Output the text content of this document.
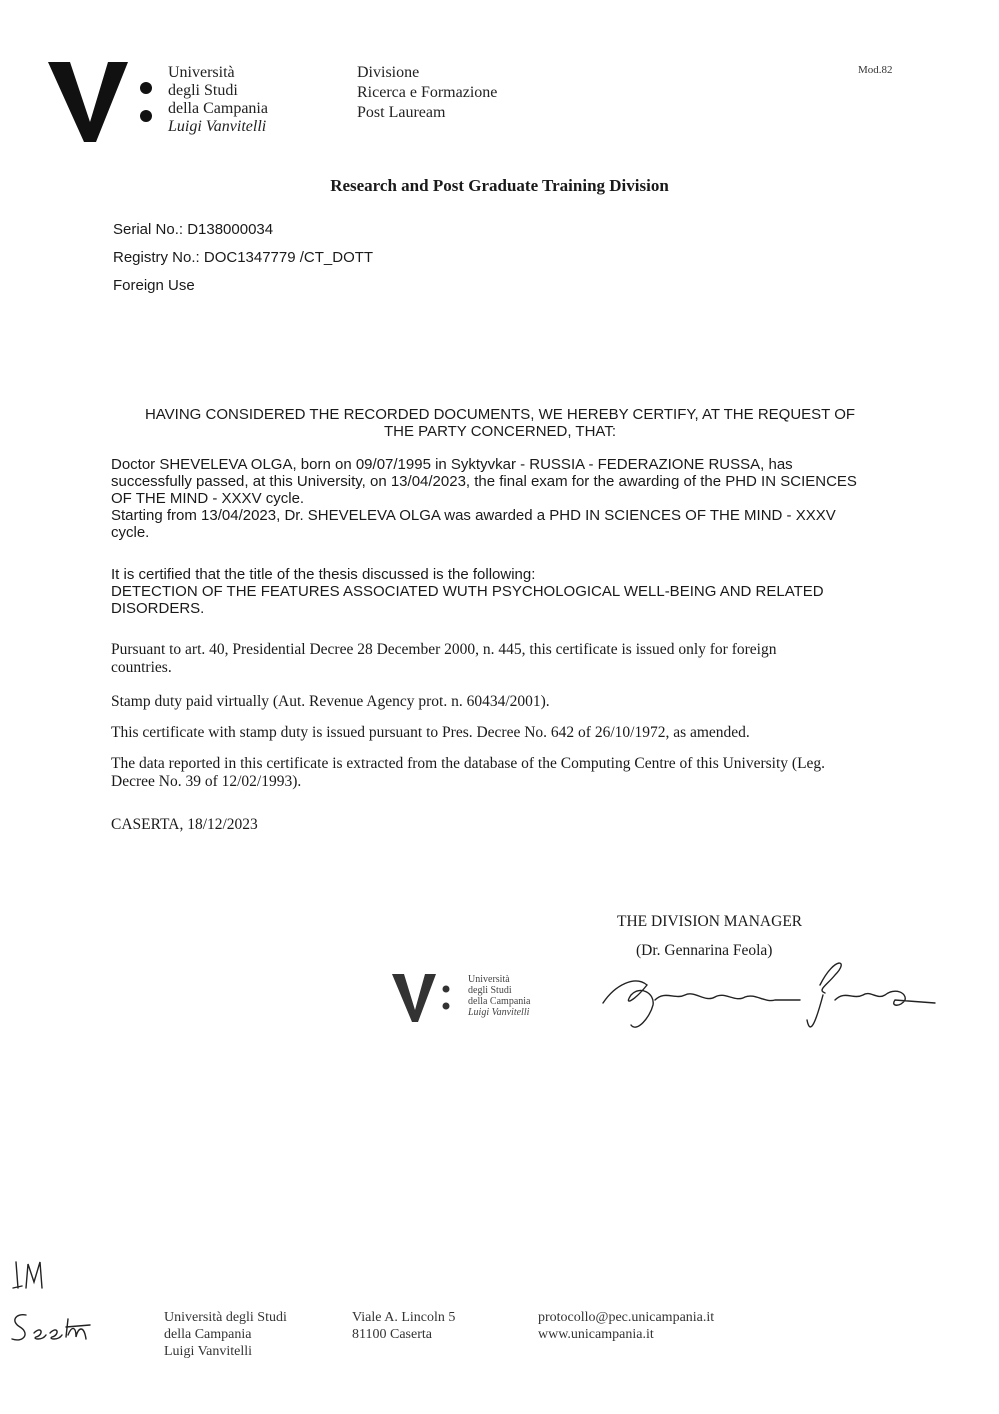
Università
degli Studi
della Campania
Luigi Vanvitelli
Divisione
Ricerca e Formazione
Post Lauream
Mod.82
Research and Post Graduate Training Division
Serial No.: D138000034
Registry No.: DOC1347779 /CT_DOTT
Foreign Use
HAVING CONSIDERED THE RECORDED DOCUMENTS, WE HEREBY CERTIFY, AT THE REQUEST OF
THE PARTY CONCERNED, THAT:
Doctor SHEVELEVA OLGA, born on 09/07/1995 in Syktyvkar - RUSSIA - FEDERAZIONE RUSSA, has
successfully passed, at this University, on 13/04/2023, the final exam for the awarding of the PHD IN SCIENCES
OF THE MIND - XXXV cycle.
Starting from 13/04/2023, Dr. SHEVELEVA OLGA was awarded a PHD IN SCIENCES OF THE MIND - XXXV
cycle.
It is certified that the title of the thesis discussed is the following:
DETECTION OF THE FEATURES ASSOCIATED WUTH PSYCHOLOGICAL WELL-BEING AND RELATED
DISORDERS.
Pursuant to art. 40, Presidential Decree 28 December 2000, n. 445, this certificate is issued only for foreign
countries.
Stamp duty paid virtually (Aut. Revenue Agency prot. n. 60434/2001).
This certificate with stamp duty is issued pursuant to Pres. Decree No. 642 of 26/10/1972, as amended.
The data reported in this certificate is extracted from the database of the Computing Centre of this University (Leg.
Decree No. 39 of 12/02/1993).
CASERTA, 18/12/2023
THE DIVISION MANAGER
(Dr. Gennarina Feola)
Università
degli Studi
della Campania
Luigi Vanvitelli
Università degli Studi
della Campania
Luigi Vanvitelli
Viale A. Lincoln 5
81100 Caserta
protocollo@pec.unicampania.it
www.unicampania.it
